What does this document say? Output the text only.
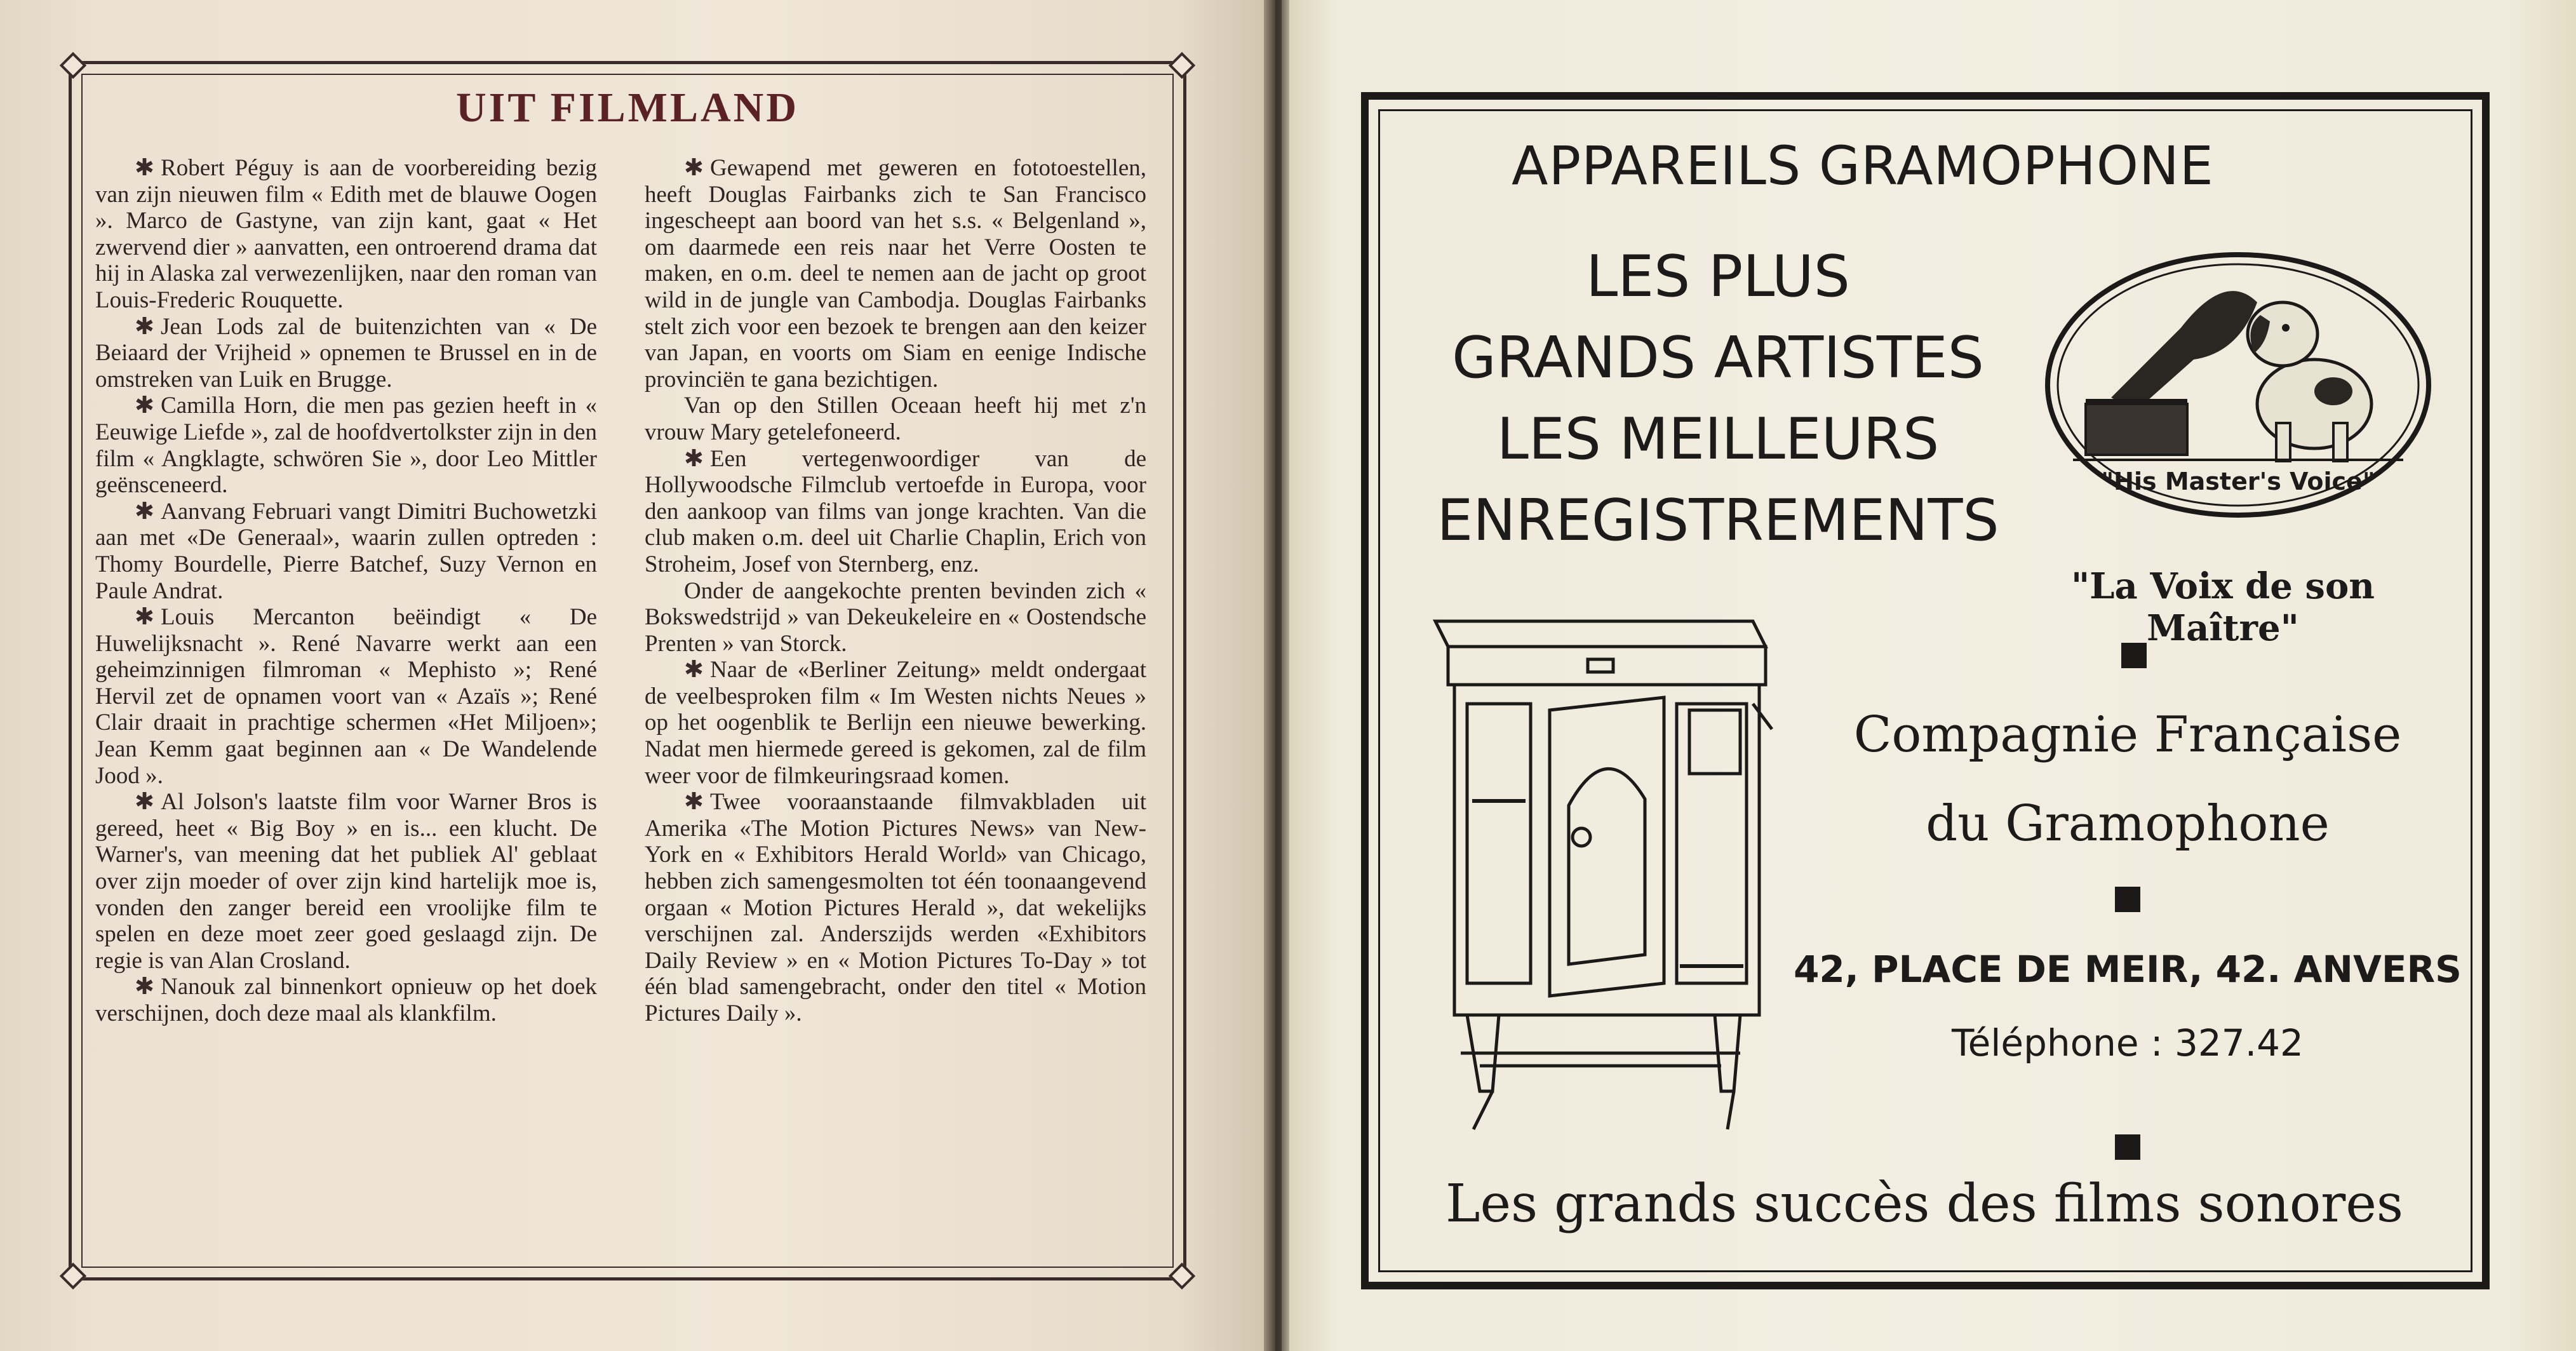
UIT FILMLAND

✱ Robert Péguy is aan de voorbereiding bezig van zijn nieuwen film « Edith met de blauwe Oogen ». Marco de Gastyne, van zijn kant, gaat « Het zwervend dier » aanvatten, een ontroerend drama dat hij in Alaska zal verwezenlijken, naar den roman van Louis-Frederic Rouquette.

✱ Jean Lods zal de buitenzichten van « De Beiaard der Vrijheid » opnemen te Brussel en in de omstreken van Luik en Brugge.

✱ Camilla Horn, die men pas gezien heeft in « Eeuwige Liefde », zal de hoofdvertolkster zijn in den film « Angklagte, schwören Sie », door Leo Mittler geënsceneerd.

✱ Aanvang Februari vangt Dimitri Buchowetzki aan met «De Generaal», waarin zullen optreden : Thomy Bourdelle, Pierre Batchef, Suzy Vernon en Paule Andrat.

✱ Louis Mercanton beëindigt « De Huwelijksnacht ». René Navarre werkt aan een geheimzinnigen filmroman « Mephisto »; René Hervil zet de opnamen voort van « Azaïs »; René Clair draait in prachtige schermen «Het Miljoen»; Jean Kemm gaat beginnen aan « De Wandelende Jood ».

✱ Al Jolson's laatste film voor Warner Bros is gereed, heet « Big Boy » en is... een klucht. De Warner's, van meening dat het publiek Al' geblaat over zijn moeder of over zijn kind hartelijk moe is, vonden den zanger bereid een vroolijke film te spelen en deze moet zeer goed geslaagd zijn. De regie is van Alan Crosland.

✱ Nanouk zal binnenkort opnieuw op het doek verschijnen, doch deze maal als klankfilm.

✱ Gewapend met geweren en fototoestellen, heeft Douglas Fairbanks zich te San Francisco ingescheept aan boord van het s.s. « Belgenland », om daarmede een reis naar het Verre Oosten te maken, en o.m. deel te nemen aan de jacht op groot wild in de jungle van Cambodja. Douglas Fairbanks stelt zich voor een bezoek te brengen aan den keizer van Japan, en voorts om Siam en eenige Indische provinciën te gana bezichtigen.

Van op den Stillen Oceaan heeft hij met z'n vrouw Mary getelefoneerd.

✱ Een vertegenwoordiger van de Hollywoodsche Filmclub vertoefde in Europa, voor den aankoop van films van jonge krachten. Van die club maken o.m. deel uit Charlie Chaplin, Erich von Stroheim, Josef von Sternberg, enz.

Onder de aangekochte prenten bevinden zich « Bokswedstrijd » van Dekeukeleire en « Oostendsche Prenten » van Storck.

✱ Naar de «Berliner Zeitung» meldt ondergaat de veelbesproken film « Im Westen nichts Neues » op het oogenblik te Berlijn een nieuwe bewerking. Nadat men hiermede gereed is gekomen, zal de film weer voor de filmkeuringsraad komen.

✱ Twee vooraanstaande filmvakbladen uit Amerika «The Motion Pictures News» van New-York en « Exhibitors Herald World» van Chicago, hebben zich samengesmolten tot één toonaangevend orgaan « Motion Pictures Herald », dat wekelijks verschijnen zal. Anderszijds werden «Exhibitors Daily Review » en « Motion Pictures To-Day » tot één blad samengebracht, onder den titel « Motion Pictures Daily ».

APPAREILS GRAMOPHONE
LES PLUS
GRANDS ARTISTES
LES MEILLEURS
ENREGISTREMENTS
"His Master's Voice"
"La Voix de son Maître"
Compagnie Française
du Gramophone
42, PLACE DE MEIR, 42. ANVERS
Téléphone : 327.42
Les grands succès des films sonores
